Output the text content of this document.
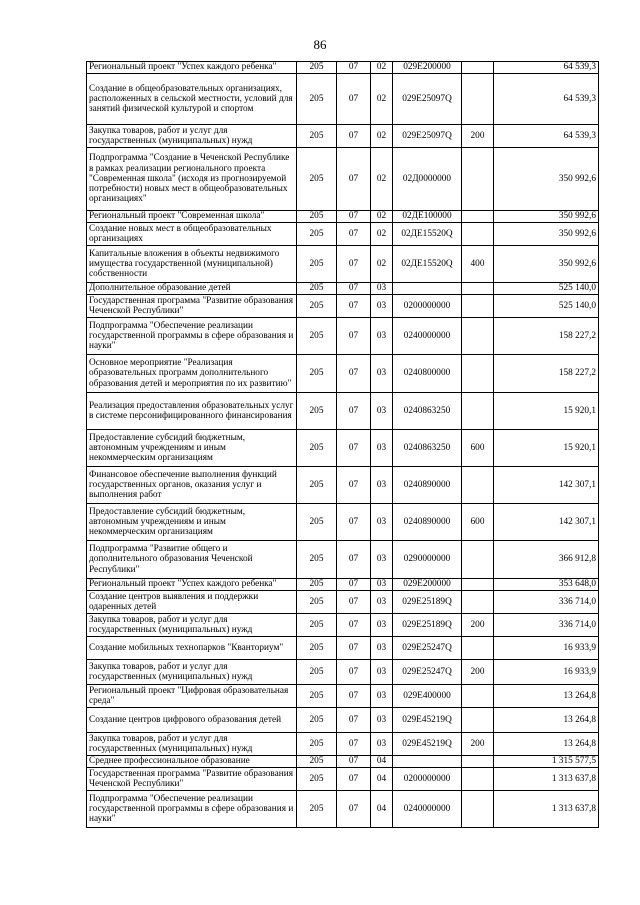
86
Региональный проект "Успех каждого ребенка"	205	07	02	029E200000		64 539,3
Создание в общеобразовательных организациях, расположенных в сельской местности, условий для занятий физической культурой и спортом	205	07	02	029E25097Q		64 539,3
Закупка товаров, работ и услуг для государственных (муниципальных) нужд	205	07	02	029E25097Q	200	64 539,3
Подпрограмма "Создание в Чеченской Республике в рамках реализации регионального проекта "Современная школа" (исходя из прогнозируемой потребности) новых мест в общеобразовательных организациях"	205	07	02	02Д0000000		350 992,6
Региональный проект "Современная школа"	205	07	02	02ДЕ100000		350 992,6
Создание новых мест в общеобразовательных организациях	205	07	02	02ДЕ15520Q		350 992,6
Капитальные вложения в объекты недвижимого имущества государственной (муниципальной) собственности	205	07	02	02ДЕ15520Q	400	350 992,6
Дополнительное образование детей	205	07	03			525 140,0
Государственная программа "Развитие образования Чеченской Республики"	205	07	03	0200000000		525 140,0
Подпрограмма "Обеспечение реализации государственной программы в сфере образования и науки"	205	07	03	0240000000		158 227,2
Основное мероприятие "Реализация образовательных программ дополнительного образования детей и мероприятия по их развитию"	205	07	03	0240800000		158 227,2
Реализация предоставления образовательных услуг в системе персонифицированного финансирования	205	07	03	0240863250		15 920,1
Предоставление субсидий бюджетным, автономным учреждениям и иным некоммерческим организациям	205	07	03	0240863250	600	15 920,1
Финансовое обеспечение выполнения функций государственных органов, оказания услуг и выполнения работ	205	07	03	0240890000		142 307,1
Предоставление субсидий бюджетным, автономным учреждениям и иным некоммерческим организациям	205	07	03	0240890000	600	142 307,1
Подпрограмма "Развитие общего и дополнительного образования Чеченской Республики"	205	07	03	0290000000		366 912,8
Региональный проект "Успех каждого ребенка"	205	07	03	029E200000		353 648,0
Создание центров выявления и поддержки одаренных детей	205	07	03	029E25189Q		336 714,0
Закупка товаров, работ и услуг для государственных (муниципальных) нужд	205	07	03	029E25189Q	200	336 714,0
Создание мобильных технопарков "Кванториум"	205	07	03	029E25247Q		16 933,9
Закупка товаров, работ и услуг для государственных (муниципальных) нужд	205	07	03	029E25247Q	200	16 933,9
Региональный проект "Цифровая образовательная среда"	205	07	03	029E400000		13 264,8
Создание центров цифрового образования детей	205	07	03	029E45219Q		13 264,8
Закупка товаров, работ и услуг для государственных (муниципальных) нужд	205	07	03	029E45219Q	200	13 264,8
Среднее профессиональное образование	205	07	04			1 315 577,5
Государственная программа "Развитие образования Чеченской Республики"	205	07	04	0200000000		1 313 637,8
Подпрограмма "Обеспечение реализации государственной программы в сфере образования и науки"	205	07	04	0240000000		1 313 637,8
